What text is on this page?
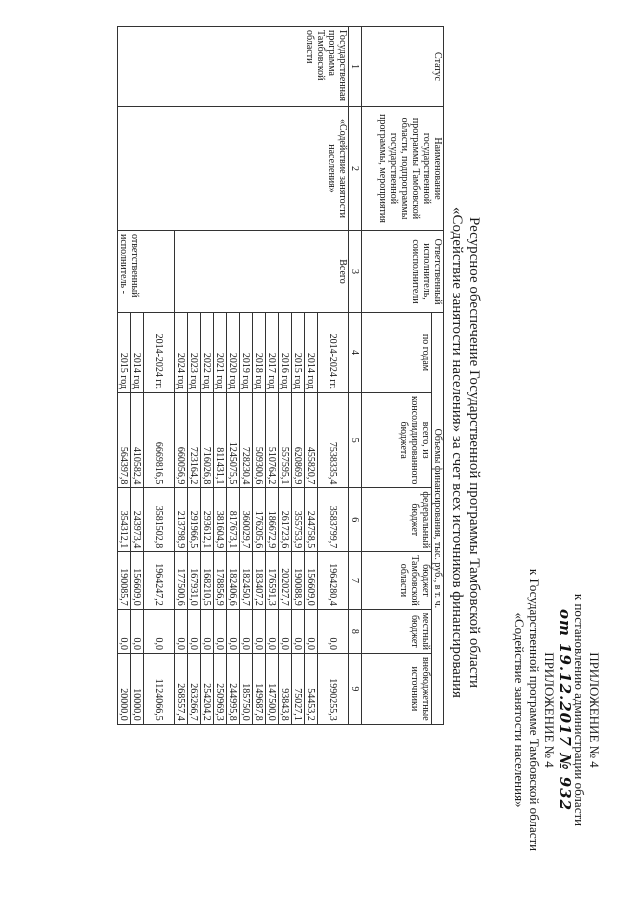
ПРИЛОЖЕНИЕ № 4
к постановлению администрации области
от 19.12.2017 № 932
ПРИЛОЖЕНИЕ № 4
к Государственной программе Тамбовской области
«Содействие занятости населения»
Ресурсное обеспечение Государственной программы Тамбовской области
«Содействие занятости населения» за счет всех источников финансирования
Статус	Наименование государственной программы Тамбовской области, подпрограммы государственной программы, мероприятия	Ответственный исполнитель, соисполнители	Объемы финансирования, тыс. руб., в т. ч.					
			по годам	всего, из консолидированного бюджета	федеральный бюджет	бюджет Тамбовской области	местный бюджет	внебюджетные источники
1	2	3	4	5	6	7	8	9
Государственная программа Тамбовской области	«Содействие занятости населения»	Всего	2014-2024 гг.	7538335,4	3583799,7	1964280,4	0,0	1990255,3
			2014 год	455820,7	244758,5	156609,0	0,0	54453,2
			2015 год	620869,9	355753,9	190088,9	0,0	75027,1
			2016 год	557595,1	261723,6	202027,7	0,0	93843,8
			2017 год	510764,2	186672,9	176591,3	0,0	147500,0
			2018 год	509300,6	176205,6	183407,2	0,0	149687,8
			2019 год	728230,4	360029,7	182450,7	0,0	185750,0
			2020 год	1245075,5	817673,1	182406,6	0,0	244995,8
			2021 год	811431,1	381604,9	178856,9	0,0	250969,3
			2022 год	716026,8	293612,1	168210,5	0,0	254204,2
			2023 год	723164,2	291966,5	167931,0	0,0	263266,7
			2024 год	660056,9	213798,9	177500,6	0,0	268557,4
		ответственный исполнитель -	2014-2024 гг.	6669816,5	3581502,8	1964247,2	0,0	1124066,5
			2014 год	410582,4	243973,4	156609,0	0,0	10000,0
			2015 год	564397,8	354312,1	190085,7	0,0	20000,0
